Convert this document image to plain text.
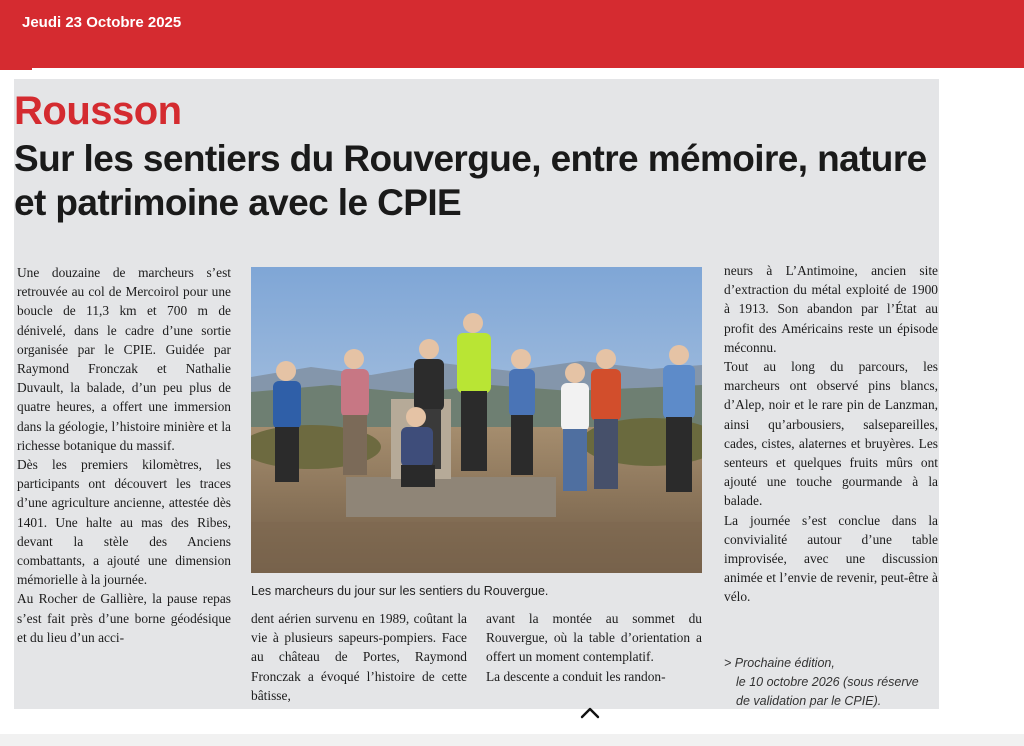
Jeudi 23 Octobre 2025
Rousson
Sur les sentiers du Rouvergue, entre mémoire, nature et patrimoine avec le CPIE

Une douzaine de marcheurs s’est retrouvée au col de Mercoirol pour une boucle de 11,3 km et 700 m de dénivelé, dans le cadre d’une sortie organisée par le CPIE. Guidée par Raymond Fronczak et Nathalie Duvault, la balade, d’un peu plus de quatre heures, a offert une immersion dans la géologie, l’histoire minière et la richesse botanique du massif.

Dès les premiers kilomètres, les participants ont découvert les traces d’une agriculture ancienne, attestée dès 1401. Une halte au mas des Ribes, devant la stèle des Anciens combattants, a ajouté une dimension mémorielle à la journée.

Au Rocher de Gallière, la pause repas s’est fait près d’une borne géodésique et du lieu d’un acci-

Les marcheurs du jour sur les sentiers du Rouvergue.

dent aérien survenu en 1989, coûtant la vie à plusieurs sapeurs-pompiers. Face au château de Portes, Raymond Fronczak a évoqué l’histoire de cette bâtisse,

avant la montée au sommet du Rouvergue, où la table d’orientation a offert un moment contemplatif.

La descente a conduit les randon-

neurs à L’Antimoine, ancien site d’extraction du métal exploité de 1900 à 1913. Son abandon par l’État au profit des Américains reste un épisode méconnu.

Tout au long du parcours, les marcheurs ont observé pins blancs, d’Alep, noir et le rare pin de Lanzman, ainsi qu’arbousiers, salsepareilles, cades, cistes, alaternes et bruyères. Les senteurs et quelques fruits mûrs ont ajouté une touche gourmande à la balade.

La journée s’est conclue dans la convivialité autour d’une table improvisée, avec une discussion animée et l’envie de revenir, peut-être à vélo.

> Prochaine édition,
le 10 octobre 2026 (sous réserve
de validation par le CPIE).
